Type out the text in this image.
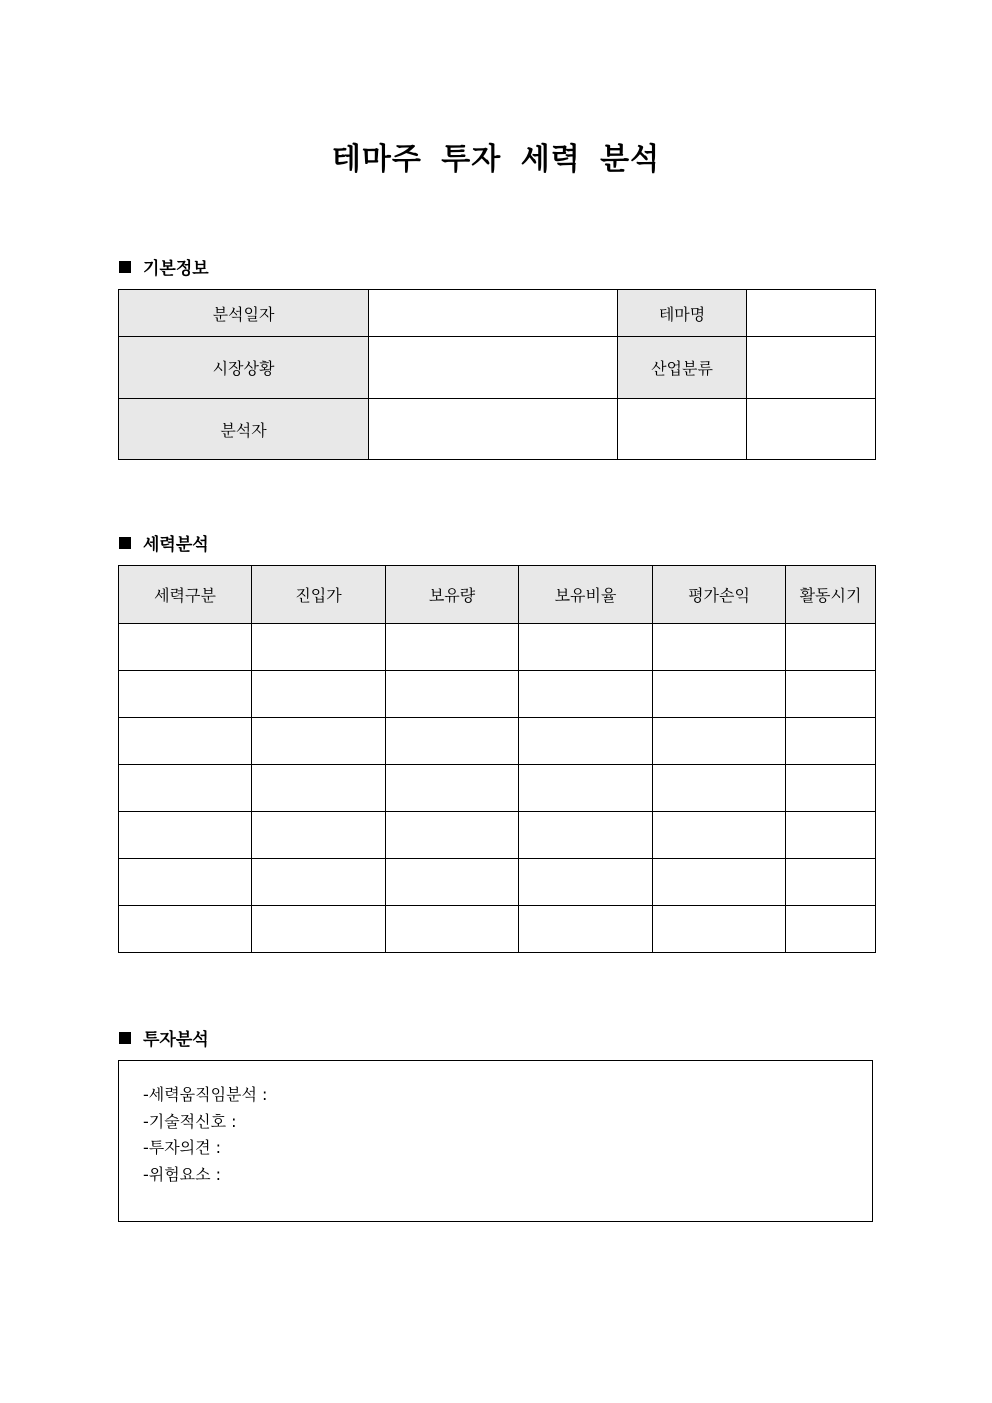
테마주 투자 세력 분석
기본정보
분석일자		테마명	
시장상황		산업분류	
분석자			
세력분석
세력구분	진입가	보유량	보유비율	평가손익	활동시기

투자분석
-세력움직임분석 :
-기술적신호 :
-투자의견 :
-위험요소 :
